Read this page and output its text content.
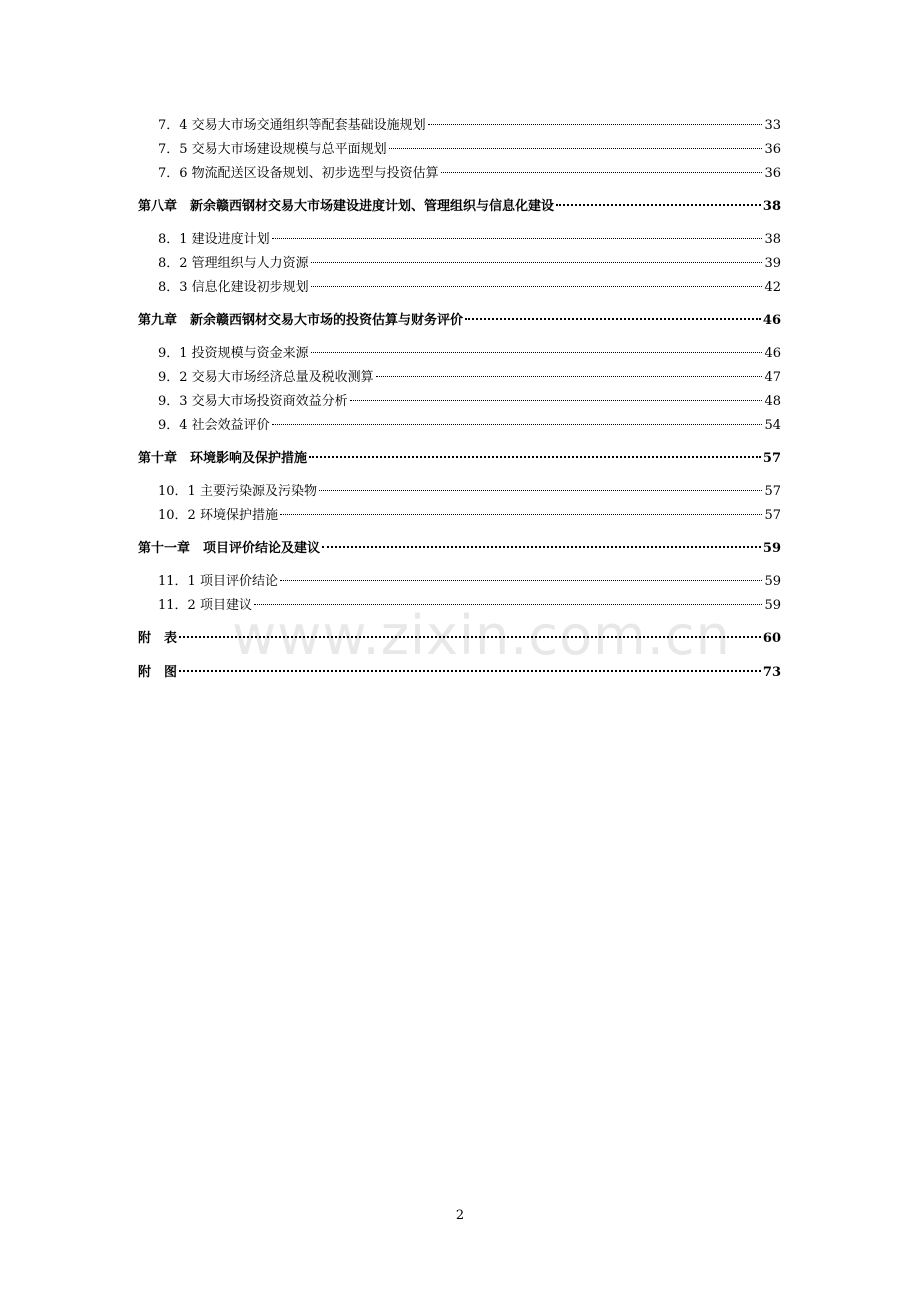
7．4 交易大市场交通组织等配套基础设施规划	33
7．5 交易大市场建设规模与总平面规划	36
7．6 物流配送区设备规划、初步选型与投资估算	36
第八章　新余赣西钢材交易大市场建设进度计划、管理组织与信息化建设	38
8．1 建设进度计划	38
8．2 管理组织与人力资源	39
8．3 信息化建设初步规划	42
第九章　新余赣西钢材交易大市场的投资估算与财务评价	46
9．1 投资规模与资金来源	46
9．2 交易大市场经济总量及税收测算	47
9．3 交易大市场投资商效益分析	48
9．4 社会效益评价	54
第十章　环境影响及保护措施	57
10．1 主要污染源及污染物	57
10．2 环境保护措施	57
第十一章　项目评价结论及建议	59
11．1 项目评价结论	59
11．2 项目建议	59
附　表	60
附　图	73
www.zixin.com.cn
2
